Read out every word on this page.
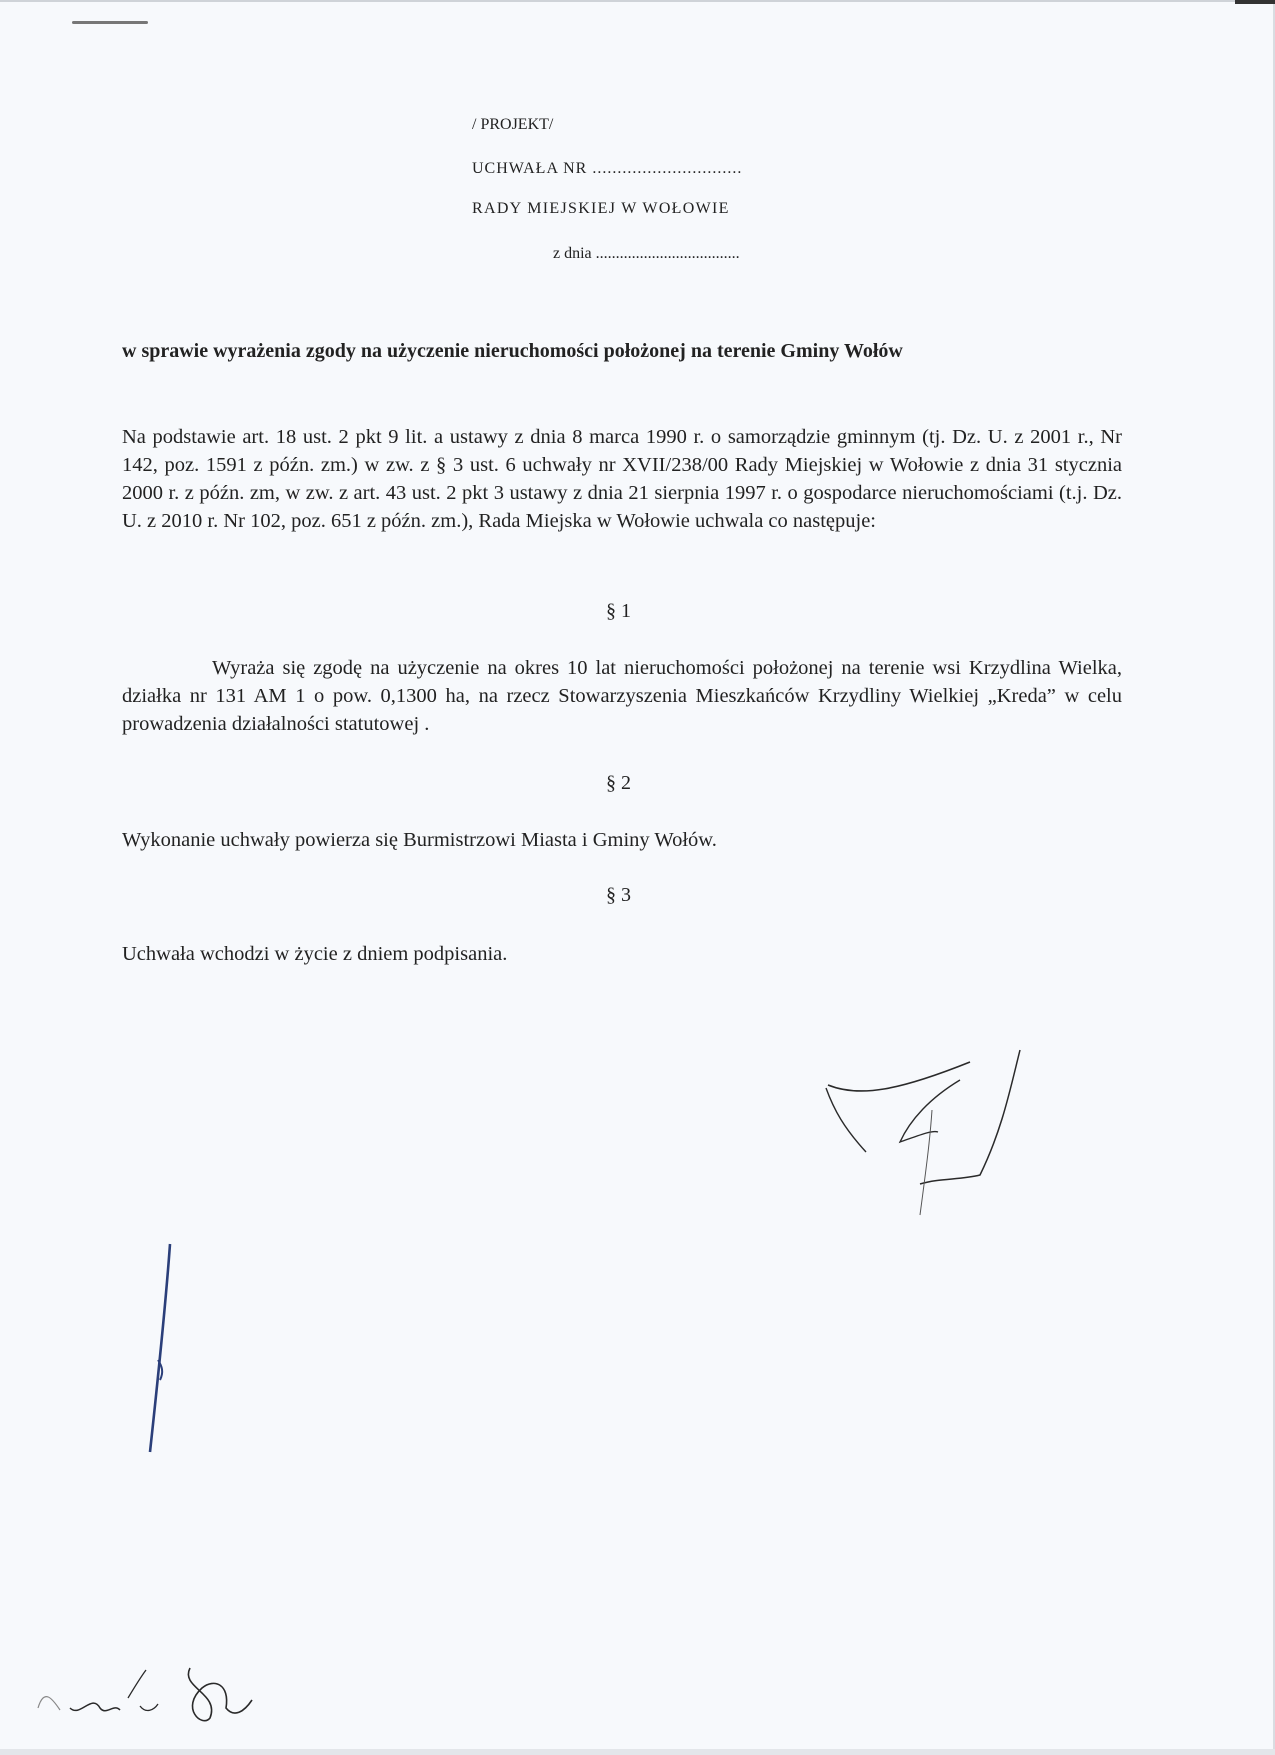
/ PROJEKT/
UCHWAŁA NR ..............................
RADY MIEJSKIEJ W WOŁOWIE
z dnia ....................................
w sprawie wyrażenia zgody na użyczenie nieruchomości położonej na terenie Gminy Wołów
Na podstawie art. 18 ust. 2 pkt 9 lit. a ustawy z dnia 8 marca 1990 r. o samorządzie gminnym (tj. Dz. U. z 2001 r., Nr 142, poz. 1591 z późn. zm.) w zw. z § 3 ust. 6 uchwały nr XVII/238/00 Rady Miejskiej w Wołowie z dnia 31 stycznia 2000 r. z późn. zm, w zw. z art. 43 ust. 2 pkt 3 ustawy z dnia 21 sierpnia 1997 r. o gospodarce nieruchomościami (t.j. Dz. U. z 2010 r. Nr 102, poz. 651 z późn. zm.), Rada Miejska w Wołowie uchwala co następuje:
§ 1
Wyraża się zgodę na użyczenie na okres 10 lat nieruchomości położonej na terenie wsi Krzydlina Wielka, działka nr 131 AM 1 o pow. 0,1300 ha, na rzecz Stowarzyszenia Mieszkańców Krzydliny Wielkiej „Kreda” w celu prowadzenia działalności statutowej .
§ 2
Wykonanie uchwały powierza się Burmistrzowi Miasta i Gminy Wołów.
§ 3
Uchwała wchodzi w życie z dniem podpisania.
